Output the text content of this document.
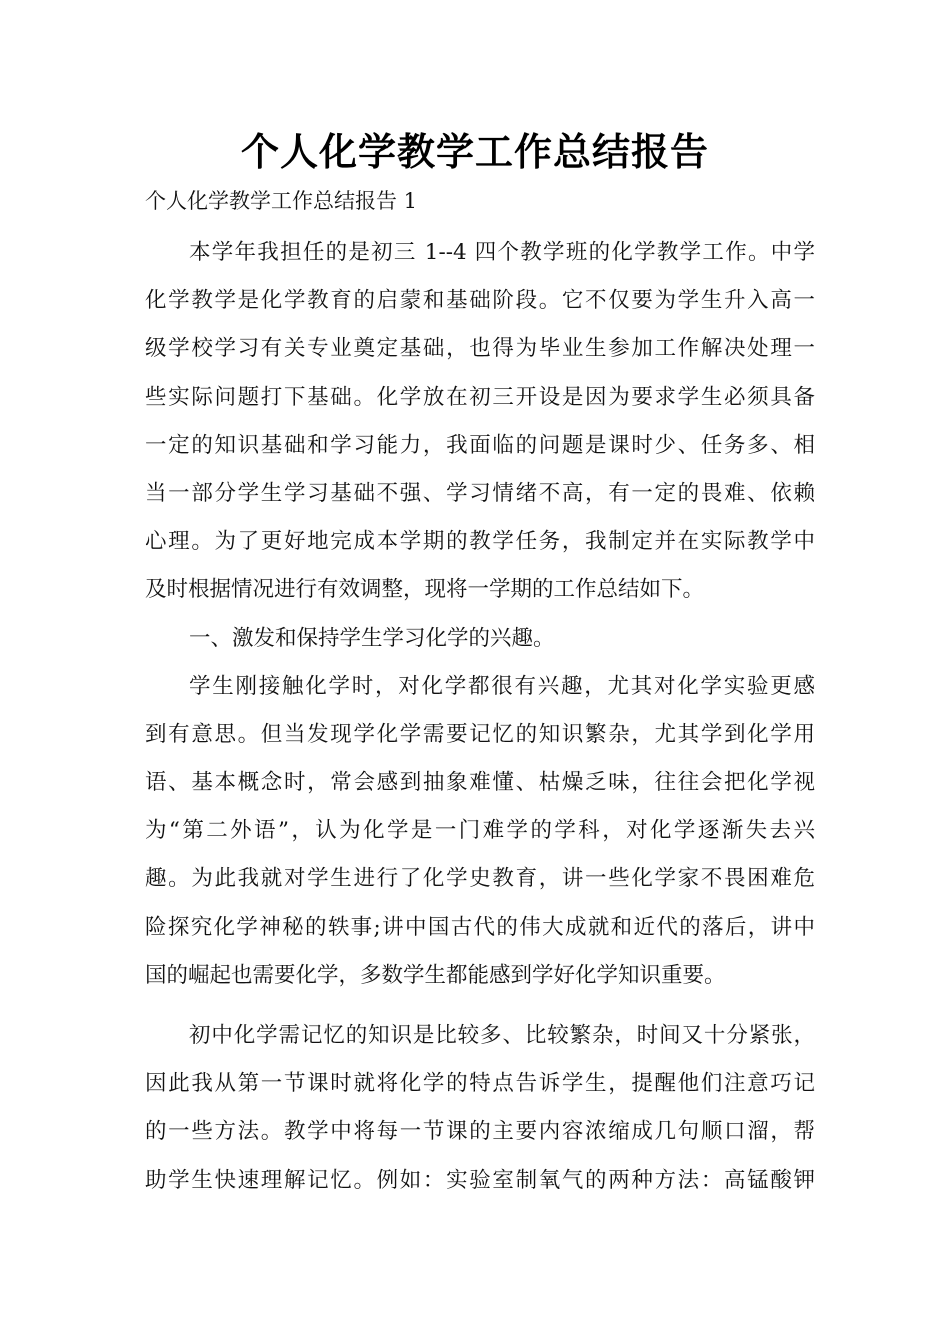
个人化学教学工作总结报告
个人化学教学工作总结报告 1
本学年我担任的是初三 1--4 四个教学班的化学教学工作。中学
化学教学是化学教育的启蒙和基础阶段。它不仅要为学生升入高一
级学校学习有关专业奠定基础，也得为毕业生参加工作解决处理一
些实际问题打下基础。化学放在初三开设是因为要求学生必须具备
一定的知识基础和学习能力，我面临的问题是课时少、任务多、相
当一部分学生学习基础不强、学习情绪不高，有一定的畏难、依赖
心理。为了更好地完成本学期的教学任务，我制定并在实际教学中
及时根据情况进行有效调整，现将一学期的工作总结如下。
一、激发和保持学生学习化学的兴趣。
学生刚接触化学时，对化学都很有兴趣，尤其对化学实验更感
到有意思。但当发现学化学需要记忆的知识繁杂，尤其学到化学用
语、基本概念时，常会感到抽象难懂、枯燥乏味，往往会把化学视
为“第二外语”，认为化学是一门难学的学科，对化学逐渐失去兴
趣。为此我就对学生进行了化学史教育，讲一些化学家不畏困难危
险探究化学神秘的轶事;讲中国古代的伟大成就和近代的落后，讲中
国的崛起也需要化学，多数学生都能感到学好化学知识重要。
初中化学需记忆的知识是比较多、比较繁杂，时间又十分紧张，
因此我从第一节课时就将化学的特点告诉学生，提醒他们注意巧记
的一些方法。教学中将每一节课的主要内容浓缩成几句顺口溜，帮
助学生快速理解记忆。例如：实验室制氧气的两种方法：高锰酸钾
